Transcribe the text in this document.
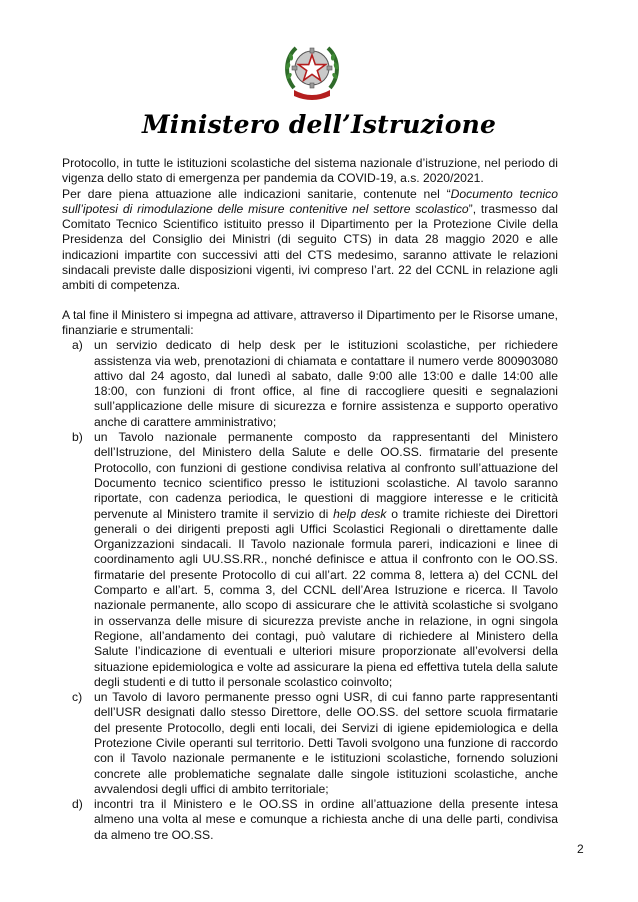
Ministero dell’Istruzione

Protocollo, in tutte le istituzioni scolastiche del sistema nazionale d’istruzione, nel periodo di vigenza dello stato di emergenza per pandemia da COVID-19, a.s. 2020/2021.

Per dare piena attuazione alle indicazioni sanitarie, contenute nel “Documento tecnico sull’ipotesi di rimodulazione delle misure contenitive nel settore scolastico”, trasmesso dal Comitato Tecnico Scientifico istituito presso il Dipartimento per la Protezione Civile della Presidenza del Consiglio dei Ministri (di seguito CTS) in data 28 maggio 2020 e alle indicazioni impartite con successivi atti del CTS medesimo, saranno attivate le relazioni sindacali previste dalle disposizioni vigenti, ivi compreso l’art. 22 del CCNL in relazione agli ambiti di competenza.

A tal fine il Ministero si impegna ad attivare, attraverso il Dipartimento per le Risorse umane, finanziarie e strumentali:

a) un servizio dedicato di help desk per le istituzioni scolastiche, per richiedere assistenza via web, prenotazioni di chiamata e contattare il numero verde 800903080 attivo dal 24 agosto, dal lunedì al sabato, dalle 9:00 alle 13:00 e dalle 14:00 alle 18:00, con funzioni di front office, al fine di raccogliere quesiti e segnalazioni sull’applicazione delle misure di sicurezza e fornire assistenza e supporto operativo anche di carattere amministrativo;
b) un Tavolo nazionale permanente composto da rappresentanti del Ministero dell’Istruzione, del Ministero della Salute e delle OO.SS. firmatarie del presente Protocollo, con funzioni di gestione condivisa relativa al confronto sull’attuazione del Documento tecnico scientifico presso le istituzioni scolastiche. Al tavolo saranno riportate, con cadenza periodica, le questioni di maggiore interesse e le criticità pervenute al Ministero tramite il servizio di help desk o tramite richieste dei Direttori generali o dei dirigenti preposti agli Uffici Scolastici Regionali o direttamente dalle Organizzazioni sindacali. Il Tavolo nazionale formula pareri, indicazioni e linee di coordinamento agli UU.SS.RR., nonché definisce e attua il confronto con le OO.SS. firmatarie del presente Protocollo di cui all’art. 22 comma 8, lettera a) del CCNL del Comparto e all’art. 5, comma 3, del CCNL dell’Area Istruzione e ricerca. Il Tavolo nazionale permanente, allo scopo di assicurare che le attività scolastiche si svolgano in osservanza delle misure di sicurezza previste anche in relazione, in ogni singola Regione, all’andamento dei contagi, può valutare di richiedere al Ministero della Salute l’indicazione di eventuali e ulteriori misure proporzionate all’evolversi della situazione epidemiologica e volte ad assicurare la piena ed effettiva tutela della salute degli studenti e di tutto il personale scolastico coinvolto;
c) un Tavolo di lavoro permanente presso ogni USR, di cui fanno parte rappresentanti dell’USR designati dallo stesso Direttore, delle OO.SS. del settore scuola firmatarie del presente Protocollo, degli enti locali, dei Servizi di igiene epidemiologica e della Protezione Civile operanti sul territorio. Detti Tavoli svolgono una funzione di raccordo con il Tavolo nazionale permanente e le istituzioni scolastiche, fornendo soluzioni concrete alle problematiche segnalate dalle singole istituzioni scolastiche, anche avvalendosi degli uffici di ambito territoriale;
d) incontri tra il Ministero e le OO.SS in ordine all’attuazione della presente intesa almeno una volta al mese e comunque a richiesta anche di una delle parti, condivisa da almeno tre OO.SS.
2
